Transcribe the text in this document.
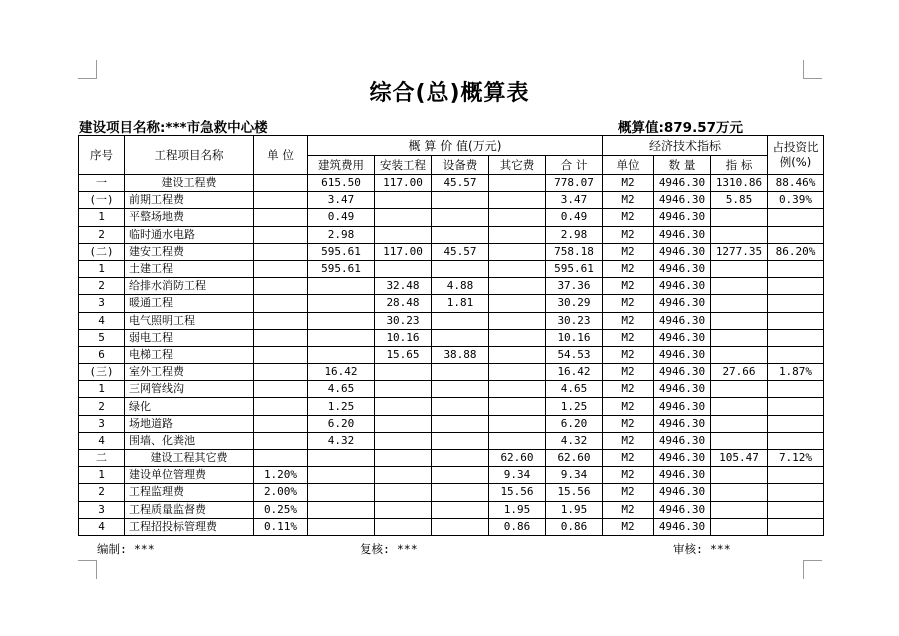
综合(总)概算表
建设项目名称:***市急救中心楼	概算值:879.57万元
序号	工程项目名称	单 位	概 算 价 值(万元)					经济技术指标			占投资比例(%)
			建筑费用	安装工程	设备费	其它费	合 计	单位	数 量	指 标	
一	建设工程费		615.50	117.00	45.57		778.07	M2	4946.30	1310.86	88.46%
(一)	前期工程费		3.47				3.47	M2	4946.30	5.85	0.39%
1	平整场地费		0.49				0.49	M2	4946.30		
2	临时通水电路		2.98				2.98	M2	4946.30		
(二)	建安工程费		595.61	117.00	45.57		758.18	M2	4946.30	1277.35	86.20%
1	土建工程		595.61				595.61	M2	4946.30		
2	给排水消防工程			32.48	4.88		37.36	M2	4946.30		
3	暖通工程			28.48	1.81		30.29	M2	4946.30		
4	电气照明工程			30.23			30.23	M2	4946.30		
5	弱电工程			10.16			10.16	M2	4946.30		
6	电梯工程			15.65	38.88		54.53	M2	4946.30		
(三)	室外工程费		16.42				16.42	M2	4946.30	27.66	1.87%
1	三网管线沟		4.65				4.65	M2	4946.30		
2	绿化		1.25				1.25	M2	4946.30		
3	场地道路		6.20				6.20	M2	4946.30		
4	围墙、化粪池		4.32				4.32	M2	4946.30		
二	建设工程其它费					62.60	62.60	M2	4946.30	105.47	7.12%
1	建设单位管理费	1.20%				9.34	9.34	M2	4946.30		
2	工程监理费	2.00%				15.56	15.56	M2	4946.30		
3	工程质量监督费	0.25%				1.95	1.95	M2	4946.30		
4	工程招投标管理费	0.11%				0.86	0.86	M2	4946.30		
编制: ***	复核: ***	审核: ***
